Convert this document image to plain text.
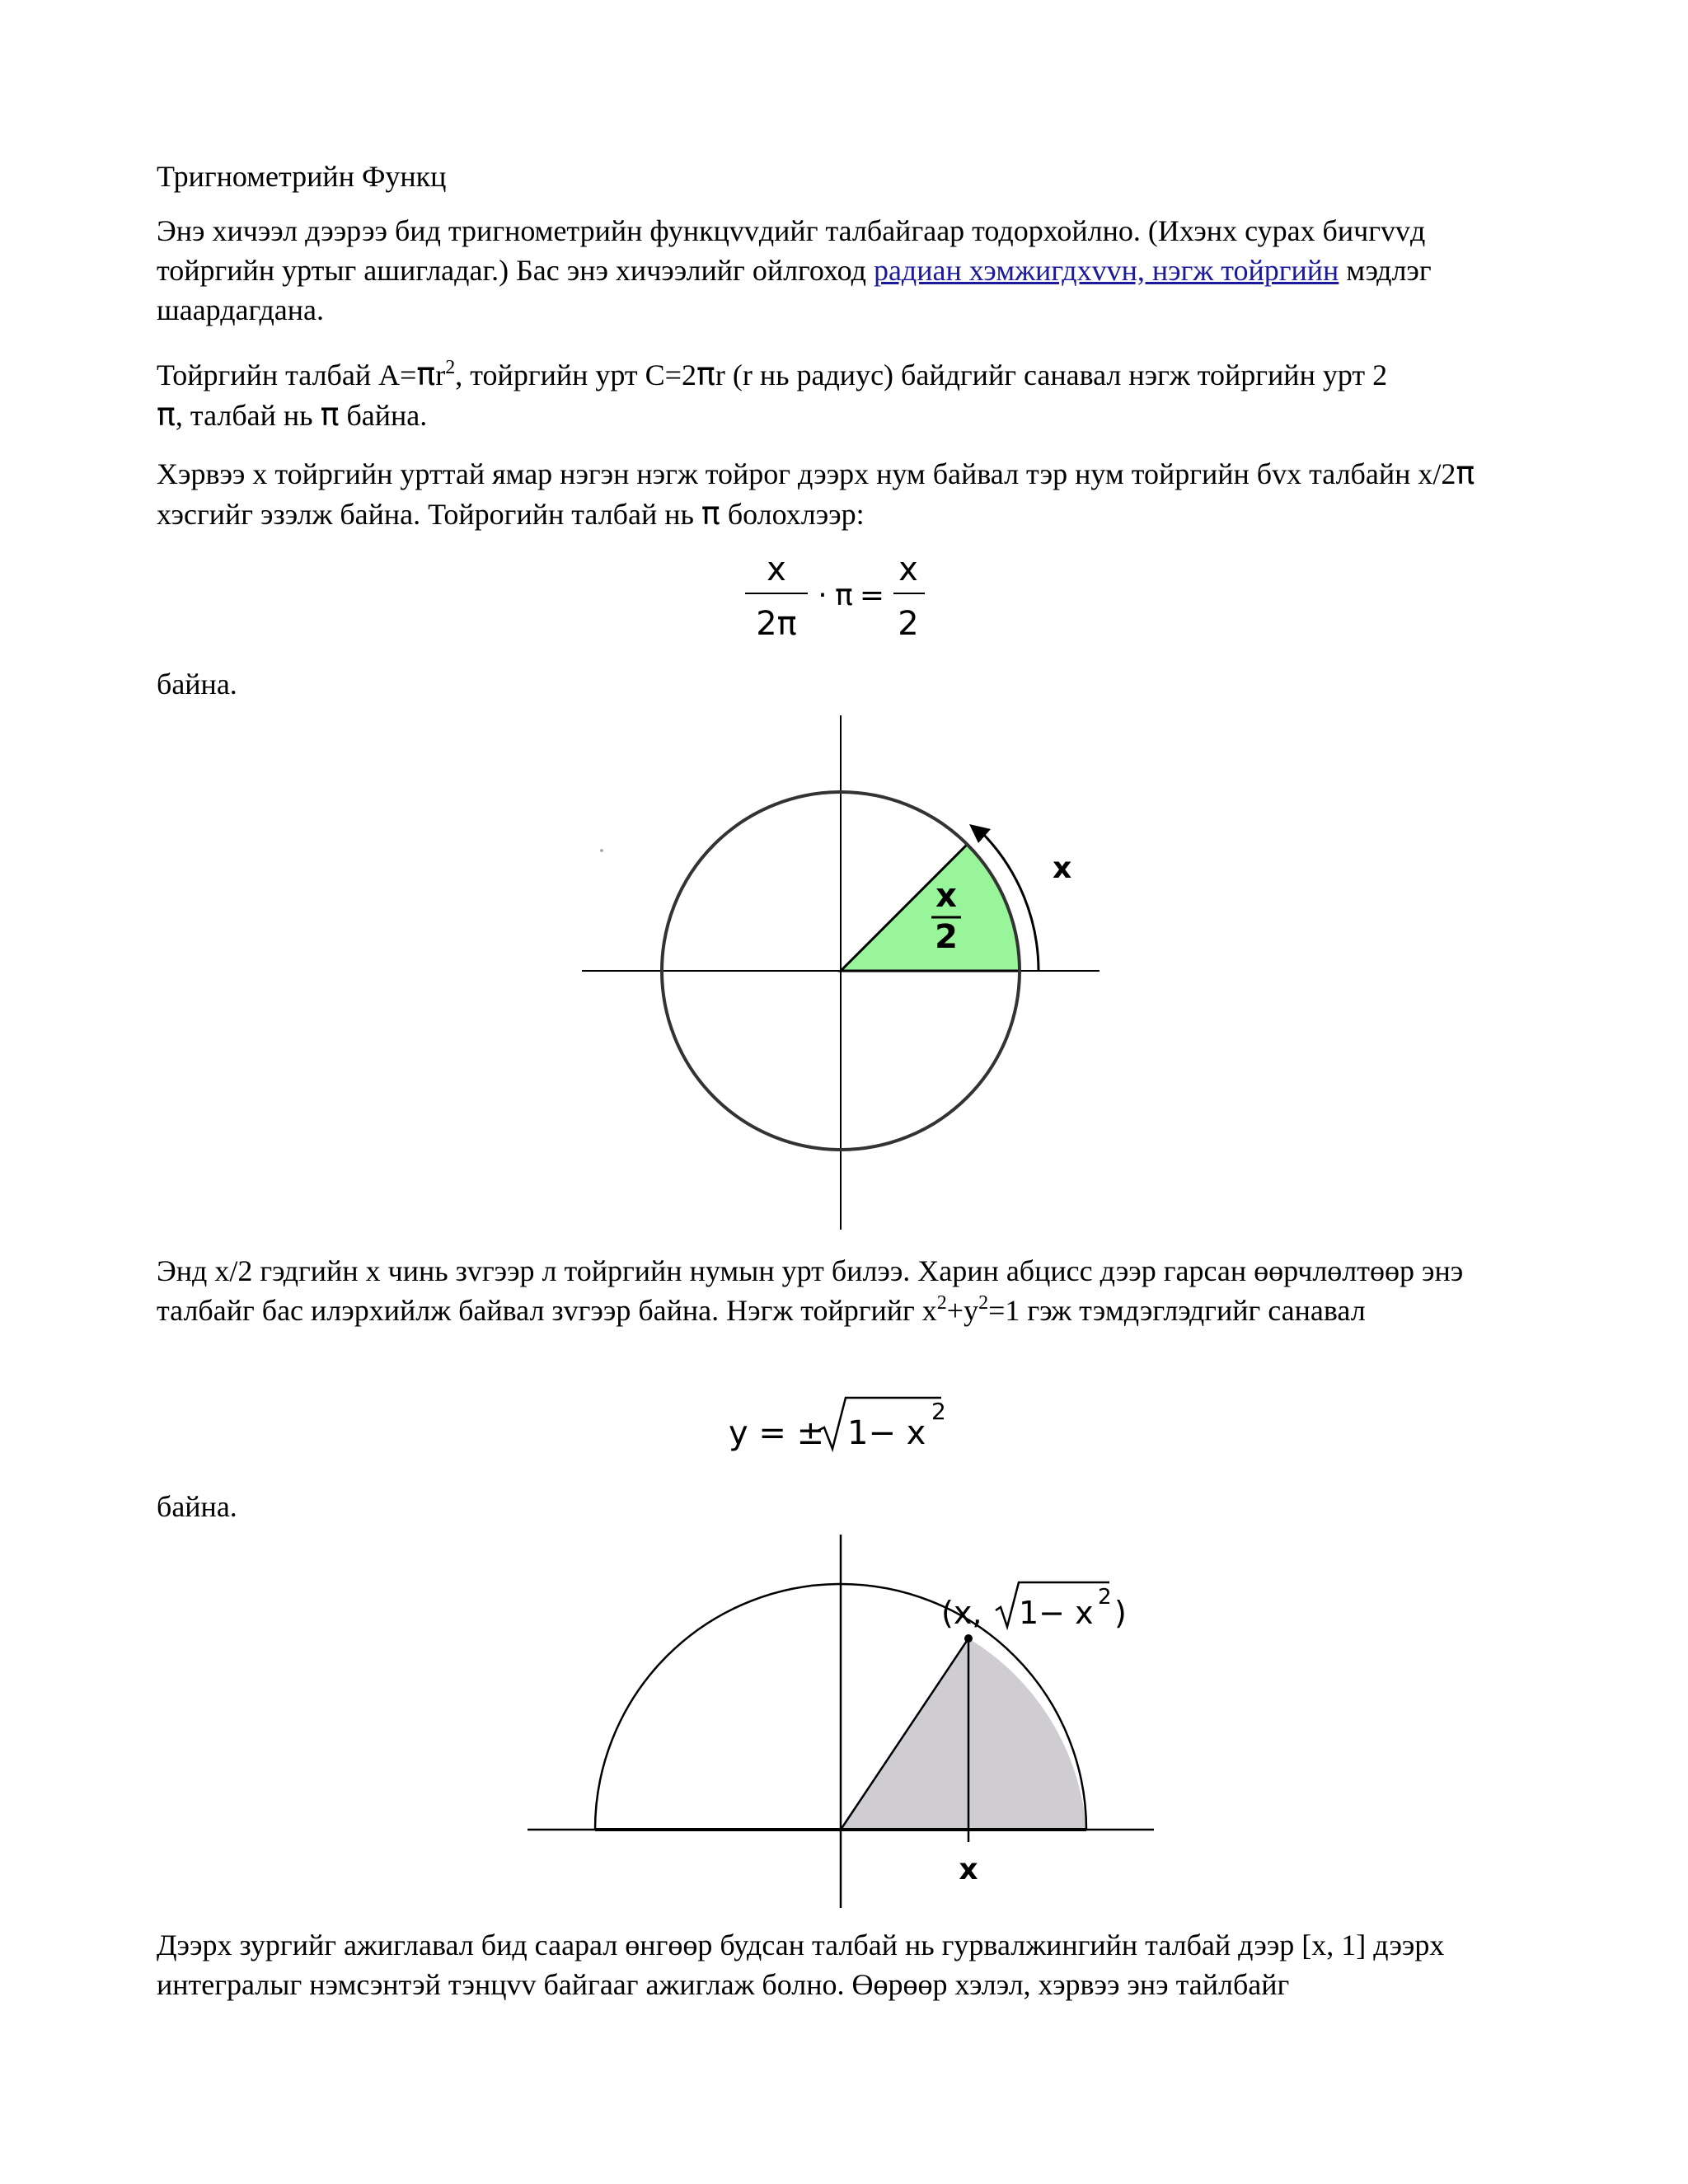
Тригнометрийн Функц

Энэ хичээл дээрээ бид тригнометрийн функцvvдийг талбайгаар тодорхойлно. (Ихэнх сурах бичгvvд тойргийн уртыг ашигладаг.) Бас энэ хичээлийг ойлгоход радиан хэмжигдхvvн, нэгж тойргийн мэдлэг шаардагдана.

Тойргийн талбай $A=\pi r^2$, тойргийн урт C=2πr (r нь радиус) байдгийг санавал нэгж тойргийн урт 2
π, талбай нь π байна.

Хэрвээ x тойргийн урттай ямар нэгэн нэгж тойрог дээрх нум байвал тэр нум тойргийн бvх талбайн x/2π хэсгийг эзэлж байна. Тойрогийн талбай нь π болохлээр:

x
2π
· π =
x
2

байна.

x
x
2

Энд x/2 гэдгийн x чинь зvгээр л тойргийн нумын урт билээ. Харин абцисс дээр гарсан өөрчлөлтөөр энэ талбайг бас илэрхийлж байвал зvгээр байна. Нэгж тойргийг $x^2+y^2=1$ гэж тэмдэглэдгийг санавал

y = ± 1− x
2

байна.

(x, 1− x 2 )
x

Дээрх зургийг ажиглавал бид саарал өнгөөр будсан талбай нь гурвалжингийн талбай дээр [x, 1] дээрх интегралыг нэмсэнтэй тэнцvv байгааг ажиглаж болно. Өөрөөр хэлэл, хэрвээ энэ тайлбайг
